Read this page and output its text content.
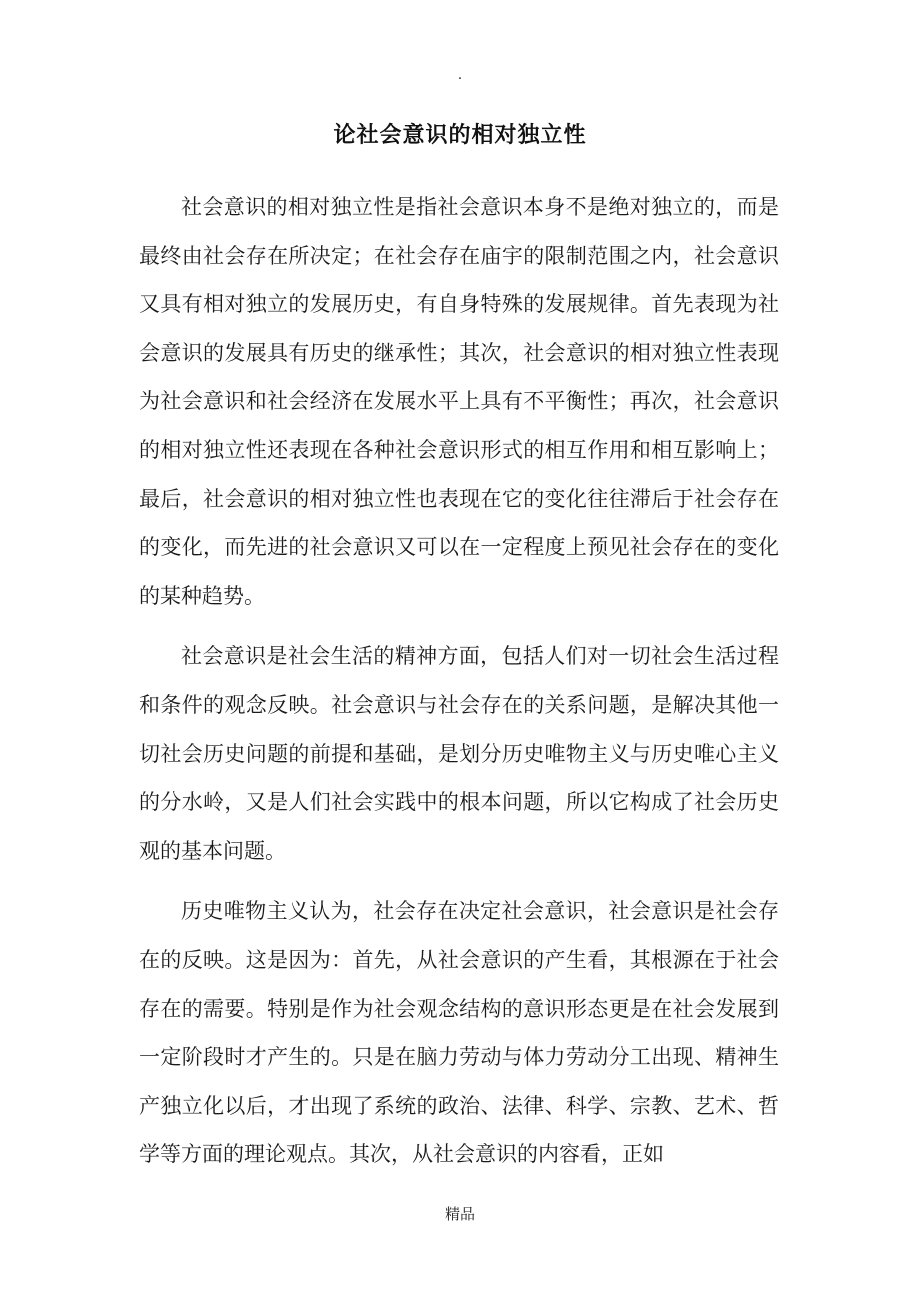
·
论社会意识的相对独立性

社会意识的相对独立性是指社会意识本身不是绝对独立的，而是最终由社会存在所决定；在社会存在庙宇的限制范围之内，社会意识又具有相对独立的发展历史，有自身特殊的发展规律。首先表现为社会意识的发展具有历史的继承性；其次，社会意识的相对独立性表现为社会意识和社会经济在发展水平上具有不平衡性；再次，社会意识的相对独立性还表现在各种社会意识形式的相互作用和相互影响上；最后，社会意识的相对独立性也表现在它的变化往往滞后于社会存在的变化，而先进的社会意识又可以在一定程度上预见社会存在的变化的某种趋势。

社会意识是社会生活的精神方面，包括人们对一切社会生活过程和条件的观念反映。社会意识与社会存在的关系问题，是解决其他一切社会历史问题的前提和基础，是划分历史唯物主义与历史唯心主义的分水岭，又是人们社会实践中的根本问题，所以它构成了社会历史观的基本问题。

历史唯物主义认为，社会存在决定社会意识，社会意识是社会存在的反映。这是因为：首先，从社会意识的产生看，其根源在于社会存在的需要。特别是作为社会观念结构的意识形态更是在社会发展到一定阶段时才产生的。只是在脑力劳动与体力劳动分工出现、精神生产独立化以后，才出现了系统的政治、法律、科学、宗教、艺术、哲学等方面的理论观点。其次，从社会意识的内容看，正如

精品
